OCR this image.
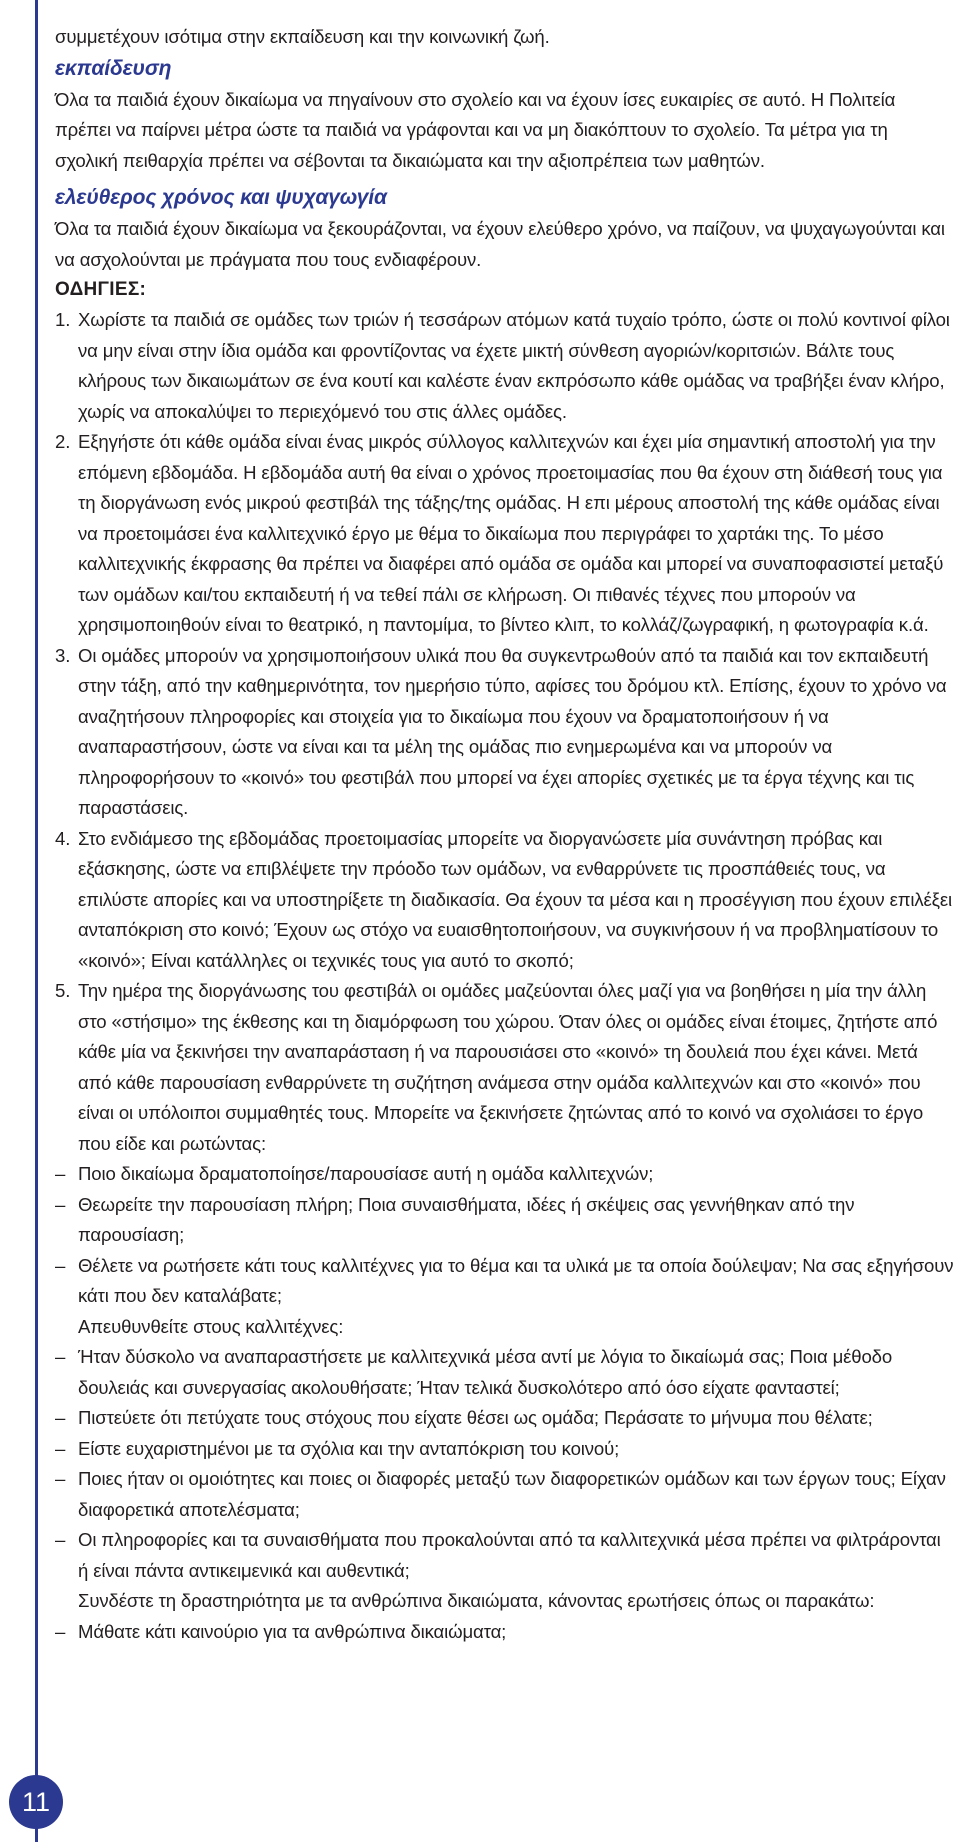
συμμετέχουν ισότιμα στην εκπαίδευση και την κοινωνική ζωή.

εκπαίδευση

Όλα τα παιδιά έχουν δικαίωμα να πηγαίνουν στο σχολείο και να έχουν ίσες ευκαιρίες σε αυτό. Η Πολιτεία πρέπει να παίρνει μέτρα ώστε τα παιδιά να γράφονται και να μη διακόπτουν το σχολείο. Τα μέτρα για τη σχολική πειθαρχία πρέπει να σέβονται τα δικαιώματα και την αξιοπρέπεια των μαθητών.

ελεύθερος χρόνος και ψυχαγωγία

Όλα τα παιδιά έχουν δικαίωμα να ξεκουράζονται, να έχουν ελεύθερο χρόνο, να παίζουν, να ψυχαγωγούνται και να ασχολούνται με πράγματα που τους ενδιαφέρουν.

ΟΔΗΓΙΕΣ:

1. Χωρίστε τα παιδιά σε ομάδες των τριών ή τεσσάρων ατόμων κατά τυχαίο τρόπο, ώστε οι πολύ κοντινοί φίλοι να μην είναι στην ίδια ομάδα και φροντίζοντας να έχετε μικτή σύνθεση αγοριών/κοριτσιών. Βάλτε τους κλήρους των δικαιωμάτων σε ένα κουτί και καλέστε έναν εκπρόσωπο κάθε ομάδας να τραβήξει έναν κλήρο, χωρίς να αποκαλύψει το περιεχόμενό του στις άλλες ομάδες.
2. Εξηγήστε ότι κάθε ομάδα είναι ένας μικρός σύλλογος καλλιτεχνών και έχει μία σημαντική αποστολή για την επόμενη εβδομάδα. Η εβδομάδα αυτή θα είναι ο χρόνος προετοιμασίας που θα έχουν στη διάθεσή τους για τη διοργάνωση ενός μικρού φεστιβάλ της τάξης/της ομάδας. Η επι μέρους αποστολή της κάθε ομάδας είναι να προετοιμάσει ένα καλλιτεχνικό έργο με θέμα το δικαίωμα που περιγράφει το χαρτάκι της. Το μέσο καλλιτεχνικής έκφρασης θα πρέπει να διαφέρει από ομάδα σε ομάδα και μπορεί να συναποφασιστεί μεταξύ των ομάδων και/του εκπαιδευτή ή να τεθεί πάλι σε κλήρωση. Οι πιθανές τέχνες που μπορούν να χρησιμοποιηθούν είναι το θεατρικό, η παντομίμα, το βίντεο κλιπ, το κολλάζ/ζωγραφική, η φωτογραφία κ.ά.
3. Οι ομάδες μπορούν να χρησιμοποιήσουν υλικά που θα συγκεντρωθούν από τα παιδιά και τον εκπαιδευτή στην τάξη, από την καθημερινότητα, τον ημερήσιο τύπο, αφίσες του δρόμου κτλ. Επίσης, έχουν το χρόνο να αναζητήσουν πληροφορίες και στοιχεία για το δικαίωμα που έχουν να δραματοποιήσουν ή να αναπαραστήσουν, ώστε να είναι και τα μέλη της ομάδας πιο ενημερωμένα και να μπορούν να πληροφορήσουν το «κοινό» του φεστιβάλ που μπορεί να έχει απορίες σχετικές με τα έργα τέχνης και τις παραστάσεις.
4. Στο ενδιάμεσο της εβδομάδας προετοιμασίας μπορείτε να διοργανώσετε μία συνάντηση πρόβας και εξάσκησης, ώστε να επιβλέψετε την πρόοδο των ομάδων, να ενθαρρύνετε τις προσπάθειές τους, να επιλύστε απορίες και να υποστηρίξετε τη διαδικασία. Θα έχουν τα μέσα και η προσέγγιση που έχουν επιλέξει ανταπόκριση στο κοινό; Έχουν ως στόχο να ευαισθητοποιήσουν, να συγκινήσουν ή να προβληματίσουν το «κοινό»; Είναι κατάλληλες οι τεχνικές τους για αυτό το σκοπό;
5. Την ημέρα της διοργάνωσης του φεστιβάλ οι ομάδες μαζεύονται όλες μαζί για να βοηθήσει η μία την άλλη στο «στήσιμο» της έκθεσης και τη διαμόρφωση του χώρου. Όταν όλες οι ομάδες είναι έτοιμες, ζητήστε από κάθε μία να ξεκινήσει την αναπαράσταση ή να παρουσιάσει στο «κοινό» τη δουλειά που έχει κάνει. Μετά από κάθε παρουσίαση ενθαρρύνετε τη συζήτηση ανάμεσα στην ομάδα καλλιτεχνών και στο «κοινό» που είναι οι υπόλοιποι συμμαθητές τους. Μπορείτε να ξεκινήσετε ζητώντας από το κοινό να σχολιάσει το έργο που είδε και ρωτώντας:
– Ποιο δικαίωμα δραματοποίησε/παρουσίασε αυτή η ομάδα καλλιτεχνών;
– Θεωρείτε την παρουσίαση πλήρη; Ποια συναισθήματα, ιδέες ή σκέψεις σας γεννήθηκαν από την παρουσίαση;
– Θέλετε να ρωτήσετε κάτι τους καλλιτέχνες για το θέμα και τα υλικά με τα οποία δούλεψαν; Να σας εξηγήσουν κάτι που δεν καταλάβατε;

Απευθυνθείτε στους καλλιτέχνες:

– Ήταν δύσκολο να αναπαραστήσετε με καλλιτεχνικά μέσα αντί με λόγια το δικαίωμά σας; Ποια μέθοδο δουλειάς και συνεργασίας ακολουθήσατε; Ήταν τελικά δυσκολότερο από όσο είχατε φανταστεί;
– Πιστεύετε ότι πετύχατε τους στόχους που είχατε θέσει ως ομάδα; Περάσατε το μήνυμα που θέλατε;
– Είστε ευχαριστημένοι με τα σχόλια και την ανταπόκριση του κοινού;
– Ποιες ήταν οι ομοιότητες και ποιες οι διαφορές μεταξύ των διαφορετικών ομάδων και των έργων τους; Είχαν διαφορετικά αποτελέσματα;
– Οι πληροφορίες και τα συναισθήματα που προκαλούνται από τα καλλιτεχνικά μέσα πρέπει να φιλτράρονται ή είναι πάντα αντικειμενικά και αυθεντικά;

Συνδέστε τη δραστηριότητα με τα ανθρώπινα δικαιώματα, κάνοντας ερωτήσεις όπως οι παρακάτω:

– Μάθατε κάτι καινούριο για τα ανθρώπινα δικαιώματα;
11
